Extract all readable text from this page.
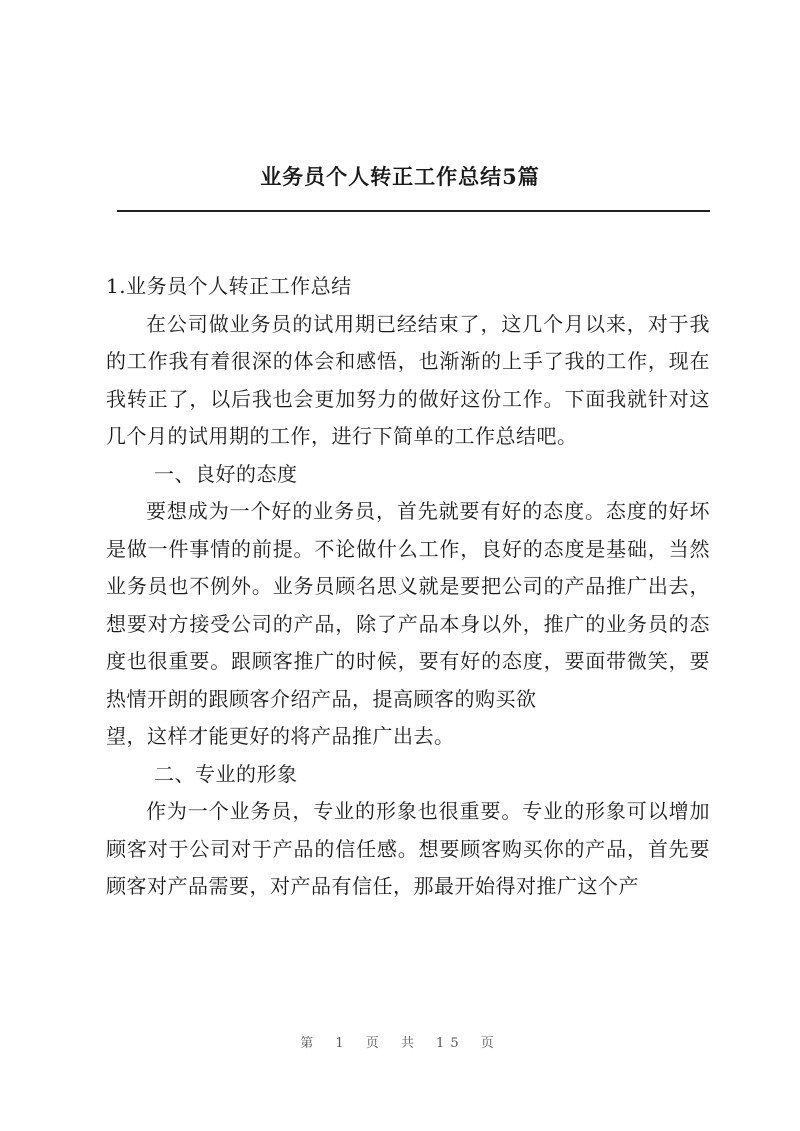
业务员个人转正工作总结5篇

1.业务员个人转正工作总结

在公司做业务员的试用期已经结束了，这几个月以来，对于我的工作我有着很深的体会和感悟，也渐渐的上手了我的工作，现在我转正了，以后我也会更加努力的做好这份工作。下面我就针对这几个月的试用期的工作，进行下简单的工作总结吧。

一、良好的态度

要想成为一个好的业务员，首先就要有好的态度。态度的好坏是做一件事情的前提。不论做什么工作，良好的态度是基础，当然业务员也不例外。业务员顾名思义就是要把公司的产品推广出去，想要对方接受公司的产品，除了产品本身以外，推广的业务员的态度也很重要。跟顾客推广的时候，要有好的态度，要面带微笑，要热情开朗的跟顾客介绍产品，提高顾客的购买欲

望，这样才能更好的将产品推广出去。

二、专业的形象

作为一个业务员，专业的形象也很重要。专业的形象可以增加顾客对于公司对于产品的信任感。想要顾客购买你的产品，首先要顾客对产品需要，对产品有信任，那最开始得对推广这个产

第 1 页 共 15 页
